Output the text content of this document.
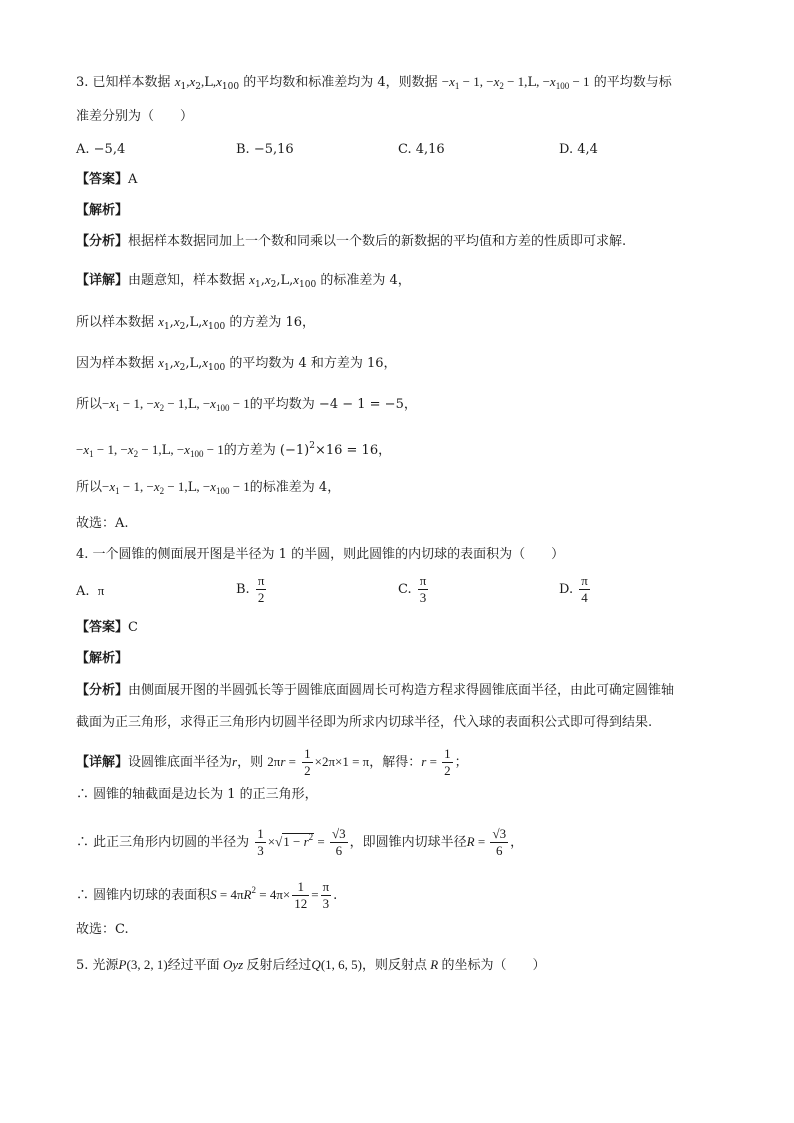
3. 已知样本数据 $x_1,x_2,L,x_{100}$ 的平均数和标准差均为 4，则数据 $-x_1 - 1$, $-x_2 - 1,L$, $-x_{100} - 1$ 的平均数与标
准差分别为（　　）
A. −5,4	B. −5,16	C. 4,16	D. 4,4
【答案】A
【解析】
【分析】根据样本数据同加上一个数和同乘以一个数后的新数据的平均值和方差的性质即可求解.
【详解】由题意知，样本数据 $x_1,x_2,L,x_{100}$ 的标准差为 4，
所以样本数据 $x_1,x_2,L,x_{100}$ 的方差为 16，
因为样本数据 $x_1,x_2,L,x_{100}$ 的平均数为 4 和方差为 16，
所以$-x_1 - 1$, $-x_2 - 1,L$, $-x_{100} - 1$的平均数为 −4 − 1 = −5，
$-x_1 - 1$, $-x_2 - 1,L$, $-x_{100} - 1$的方差为 $(-1)^2\times 16 = 16$，
所以$-x_1 - 1$, $-x_2 - 1,L$, $-x_{100} - 1$的标准差为 4，
故选：A.
4. 一个圆锥的侧面展开图是半径为 1 的半圆，则此圆锥的内切球的表面积为（　　）
A. π	B. $\frac{\pi}{2}$	C. $\frac{\pi}{3}$	D. $\frac{\pi}{4}$
【答案】C
【解析】
【分析】由侧面展开图的半圆弧长等于圆锥底面圆周长可构造方程求得圆锥底面半径，由此可确定圆锥轴
截面为正三角形，求得正三角形内切圆半径即为所求内切球半径，代入球的表面积公式即可得到结果.
【详解】设圆锥底面半径为r，则 $2\pi r = \frac{1}{2} \times 2\pi\times 1 = \pi$，解得：$r = \frac{1}{2}$ ；
∴ 圆锥的轴截面是边长为 1 的正三角形，
∴ 此正三角形内切圆的半径为 $\frac{1}{3} \times√1 - r^2 = \frac{√3}{6}$ ，即圆锥内切球半径$R = \frac{√3}{6}$ ，
∴ 圆锥内切球的表面积$S = 4\pi R^2 = 4\pi\times \frac{1}{12} = \frac{\pi}{3}$ .
故选：C.
5. 光源P(3, 2, 1)经过平面 Oyz 反射后经过Q(1, 6, 5)，则反射点 R 的坐标为（　　）
